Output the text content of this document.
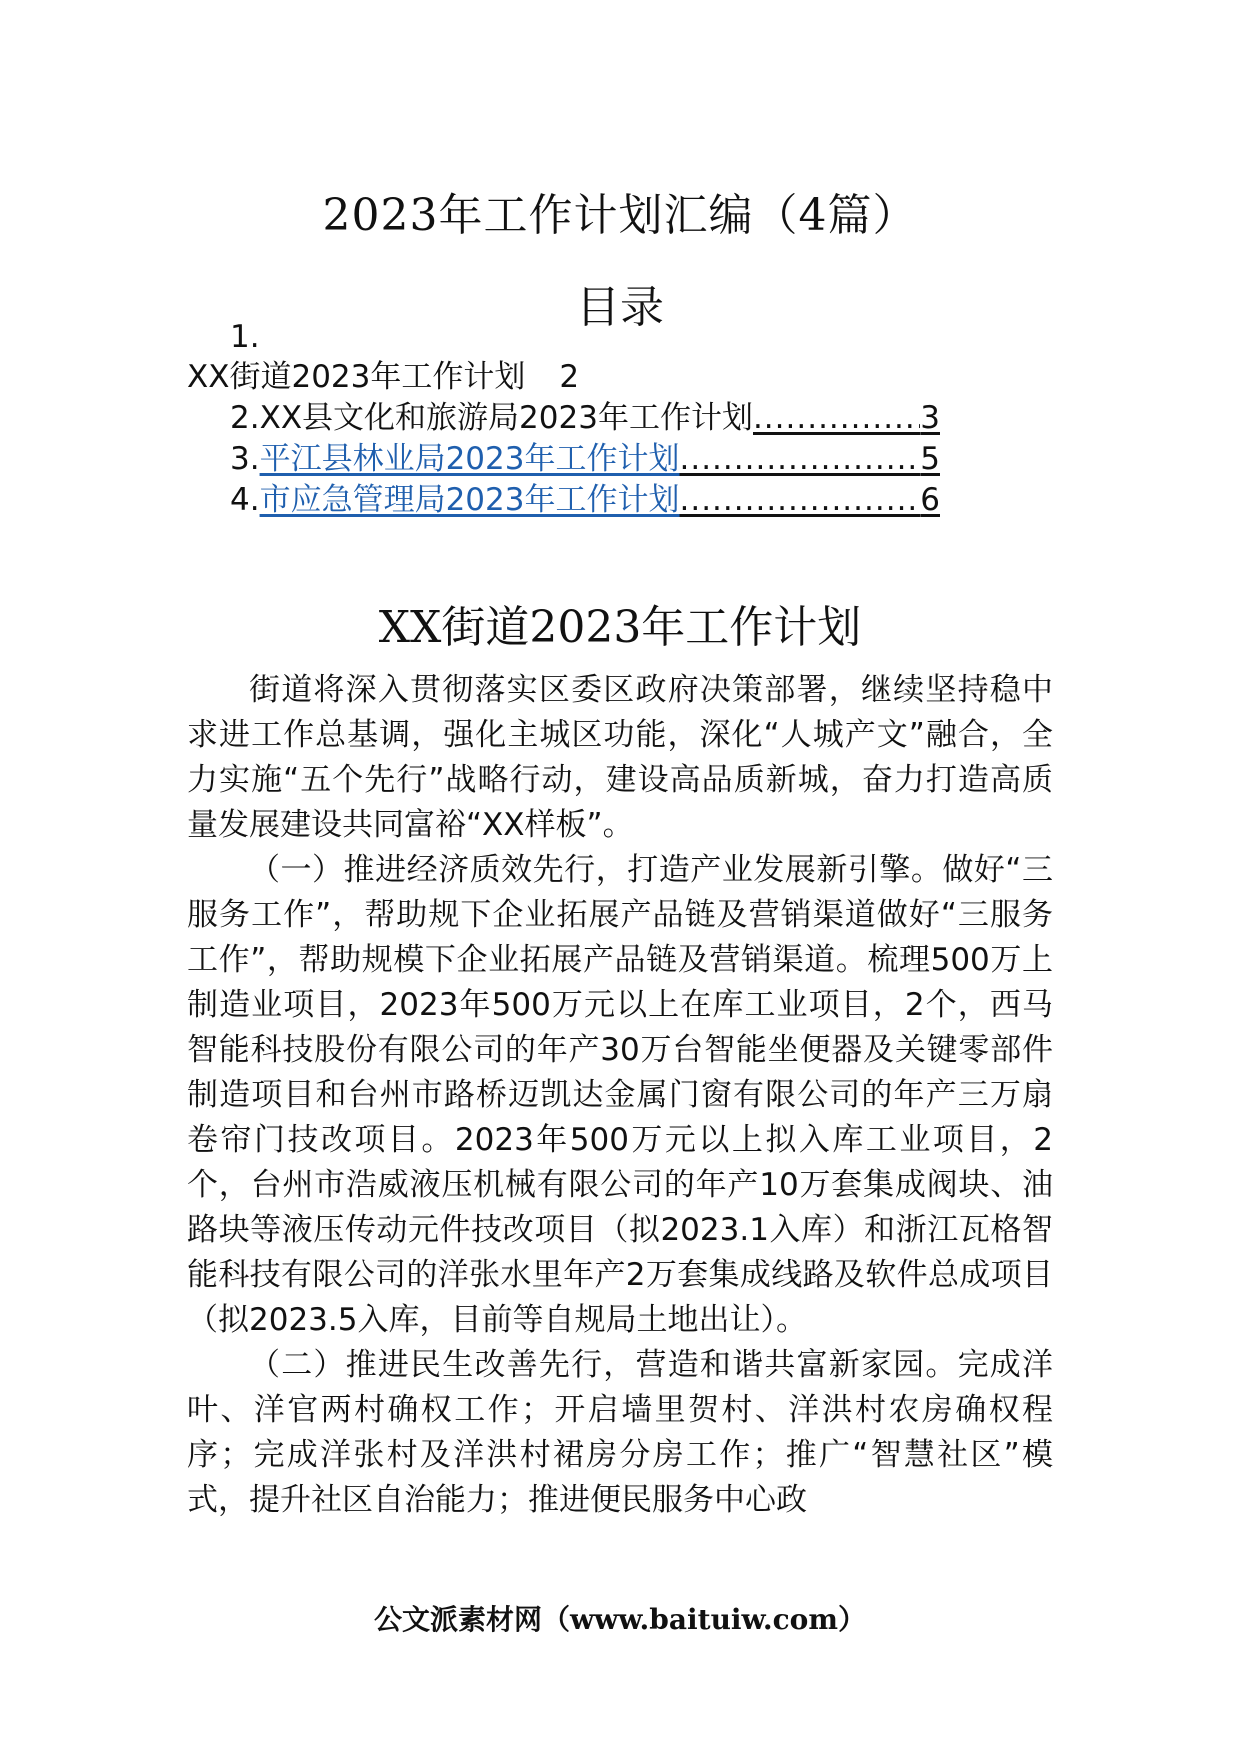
2023年工作计划汇编（4篇）
目录
1.
XX街道2023年工作计划 2
2. XX县文化和旅游局2023年工作计划 .....	3
3. 平江县林业局2023年工作计划 .....	5
4. 市应急管理局2023年工作计划 .....	6
XX街道2023年工作计划

街道将深入贯彻落实区委区政府决策部署，继续坚持稳中求进工作总基调，强化主城区功能，深化“人城产文”融合，全力实施“五个先行”战略行动，建设高品质新城，奋力打造高质量发展建设共同富裕“XX样板”。

（一）推进经济质效先行，打造产业发展新引擎。做好“三服务工作”，帮助规下企业拓展产品链及营销渠道做好“三服务工作”，帮助规模下企业拓展产品链及营销渠道。梳理500万上制造业项目，2023年500万元以上在库工业项目，2个，西马智能科技股份有限公司的年产30万台智能坐便器及关键零部件制造项目和台州市路桥迈凯达金属门窗有限公司的年产三万扇卷帘门技改项目。2023年500万元以上拟入库工业项目，2个，台州市浩威液压机械有限公司的年产10万套集成阀块、油路块等液压传动元件技改项目（拟2023.1入库）和浙江瓦格智能科技有限公司的洋张水里年产2万套集成线路及软件总成项目（拟2023.5入库，目前等自规局土地出让）。

（二）推进民生改善先行，营造和谐共富新家园。完成洋叶、洋官两村确权工作；开启墙里贺村、洋洪村农房确权程序；完成洋张村及洋洪村裙房分房工作；推广“智慧社区”模式，提升社区自治能力；推进便民服务中心政

公文派素材网（www.baituiw.com）
